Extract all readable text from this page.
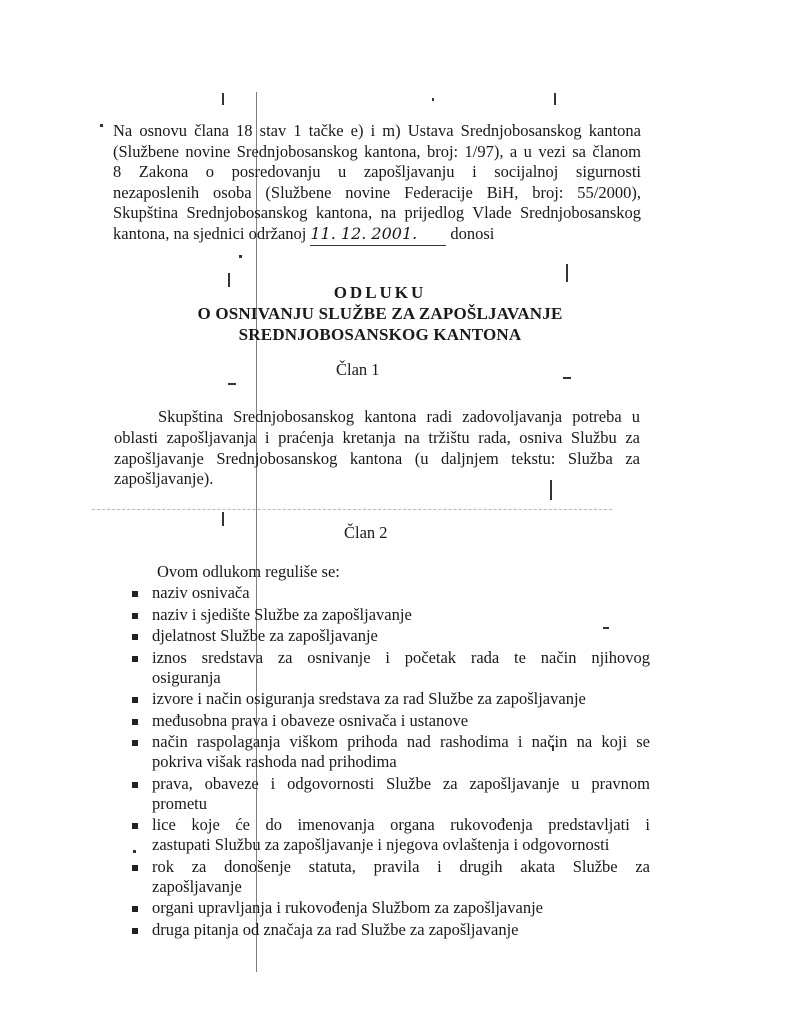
Na osnovu člana 18 stav 1 tačke e) i m) Ustava Srednjobosanskog kantona
(Službene novine Srednjobosanskog kantona, broj: 1/97), a u vezi sa članom
8 Zakona o posredovanju u zapošljavanju i socijalnoj sigurnosti
nezaposlenih osoba (Službene novine Federacije BiH, broj: 55/2000),
Skupština Srednjobosanskog kantona, na prijedlog Vlade Srednjobosanskog
kantona, na sjednici održanoj 11. 12. 2001. donosi
ODLUKU
O OSNIVANJU SLUŽBE ZA ZAPOŠLJAVANJE
SREDNJOBOSANSKOG KANTONA
Član 1
Skupština Srednjobosanskog kantona radi zadovoljavanja potreba u
oblasti zapošljavanja i praćenja kretanja na tržištu rada, osniva Službu za
zapošljavanje Srednjobosanskog kantona (u daljnjem tekstu: Služba za
zapošljavanje).
Član 2
Ovom odlukom reguliše se:
naziv osnivača
naziv i sjedište Službe za zapošljavanje
djelatnost Službe za zapošljavanje
iznos sredstava za osnivanje i početak rada te način njihovog
osiguranja
izvore i način osiguranja sredstava za rad Službe za zapošljavanje
međusobna prava i obaveze osnivača i ustanove
način raspolaganja viškom prihoda nad rashodima i način na koji se
pokriva višak rashoda nad prihodima
prava, obaveze i odgovornosti Službe za zapošljavanje u pravnom
prometu
lice koje će do imenovanja organa rukovođenja predstavljati i
zastupati Službu za zapošljavanje i njegova ovlaštenja i odgovornosti
rok za donošenje statuta, pravila i drugih akata Službe za
zapošljavanje
organi upravljanja i rukovođenja Službom za zapošljavanje
druga pitanja od značaja za rad Službe za zapošljavanje
